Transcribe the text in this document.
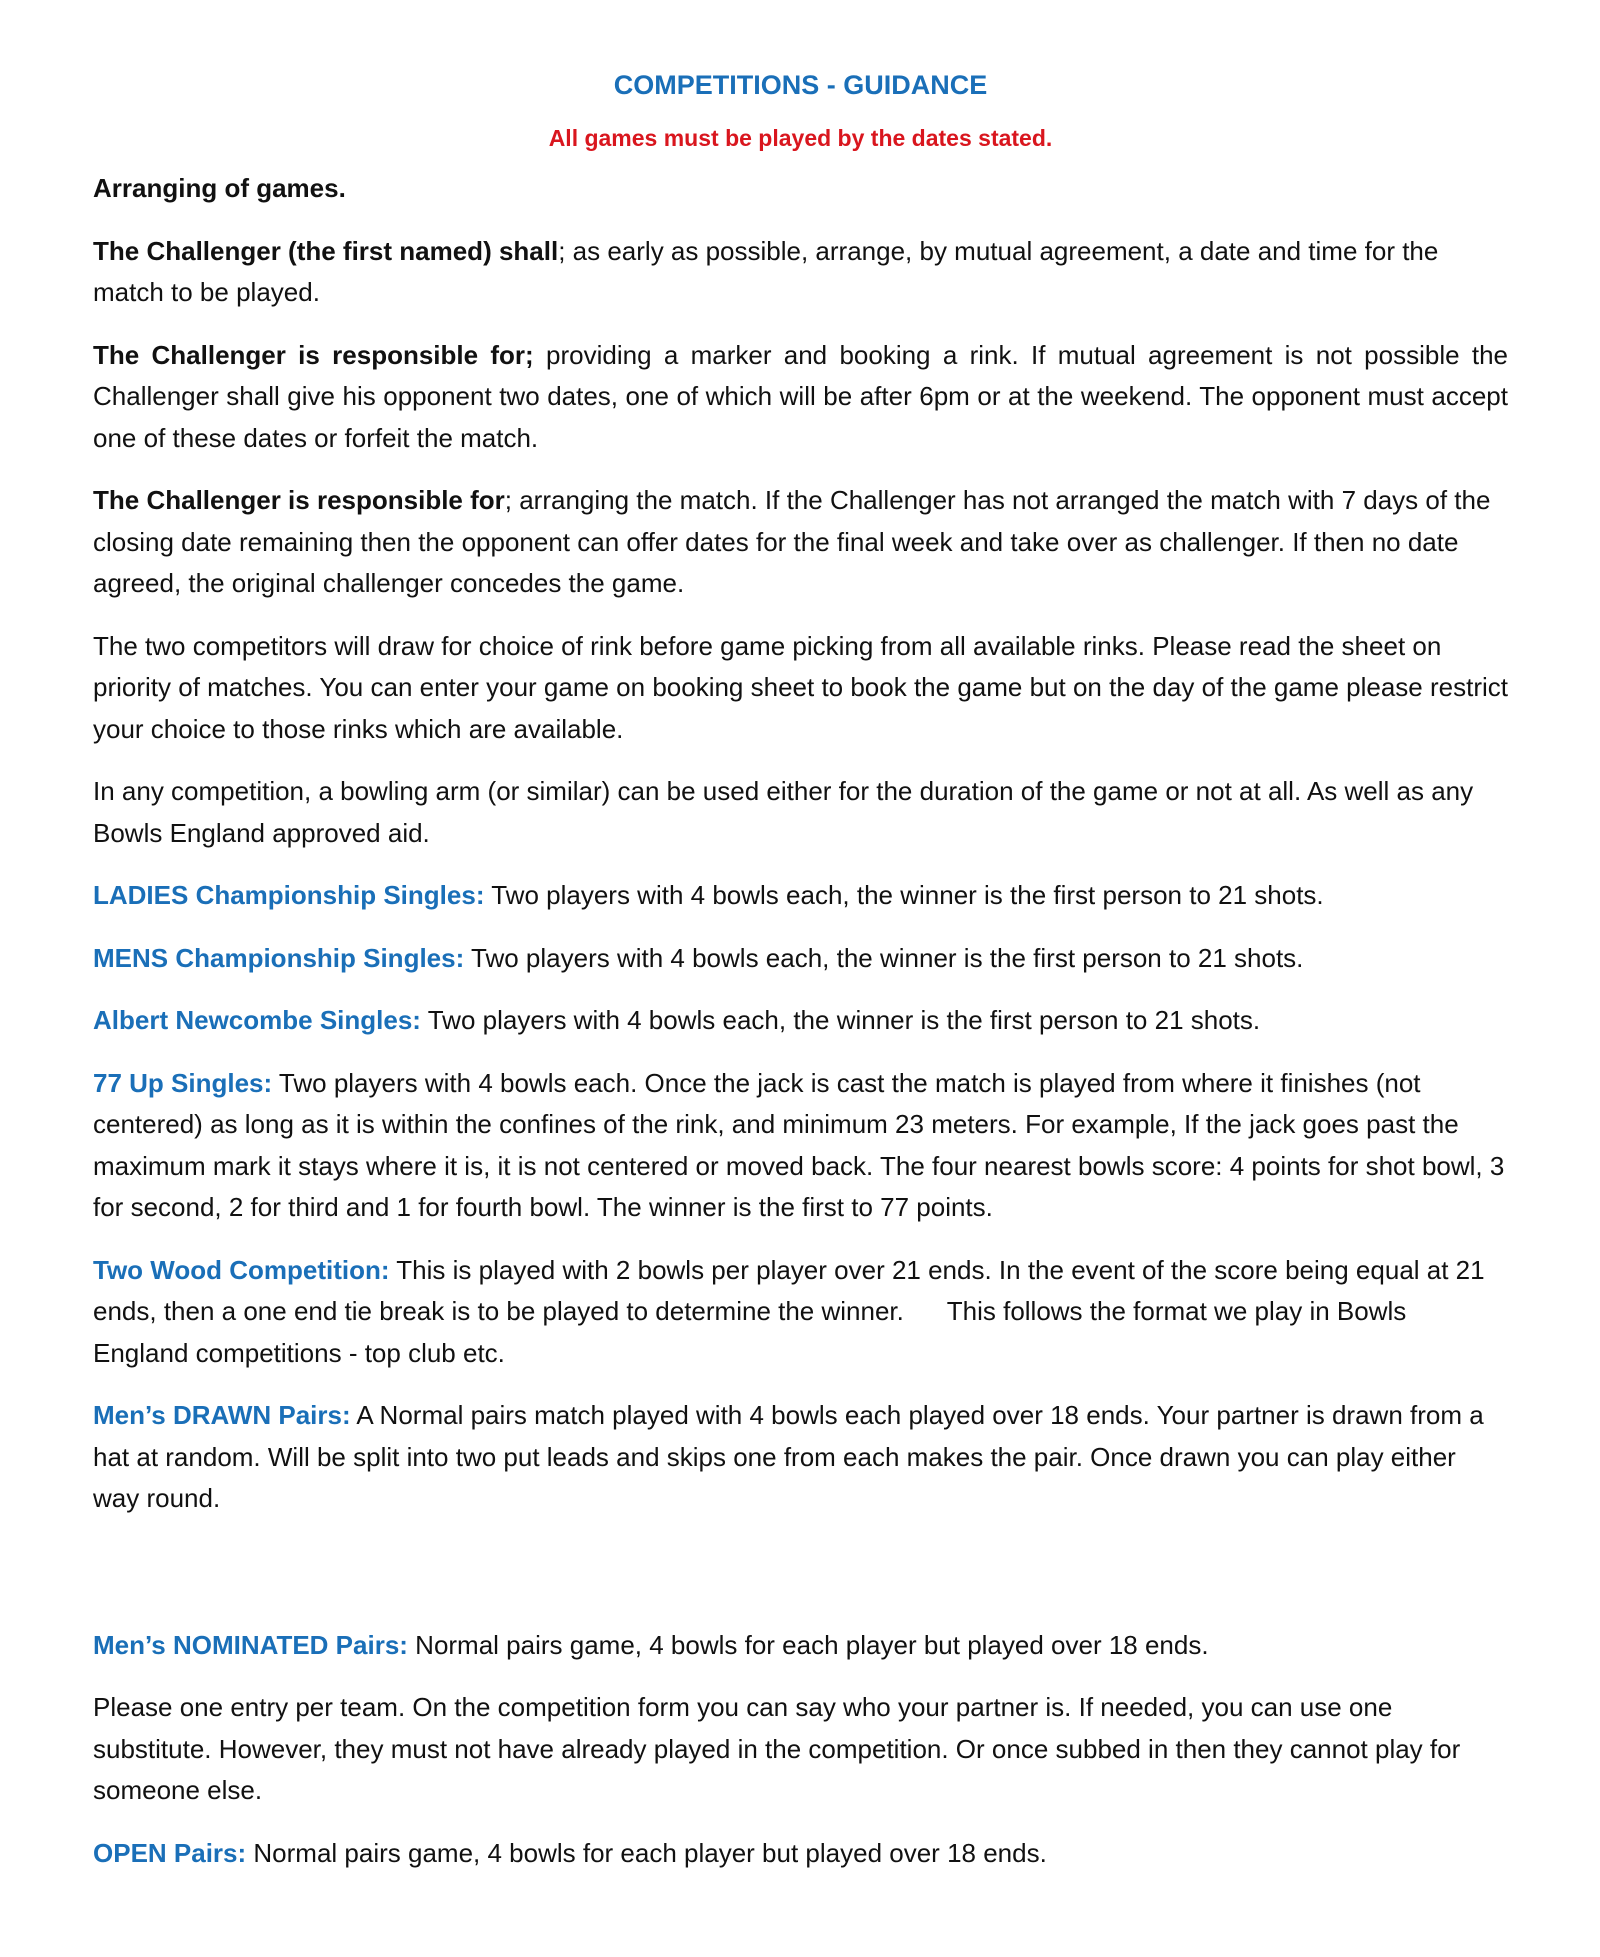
COMPETITIONS - GUIDANCE
All games must be played by the dates stated.

Arranging of games.

The Challenger (the first named) shall; as early as possible, arrange, by mutual agreement, a date and time for the match to be played.

The Challenger is responsible for; providing a marker and booking a rink. If mutual agreement is not possible the Challenger shall give his opponent two dates, one of which will be after 6pm or at the weekend. The opponent must accept one of these dates or forfeit the match.

The Challenger is responsible for; arranging the match. If the Challenger has not arranged the match with 7 days of the closing date remaining then the opponent can offer dates for the final week and take over as challenger. If then no date agreed, the original challenger concedes the game.

The two competitors will draw for choice of rink before game picking from all available rinks. Please read the sheet on priority of matches. You can enter your game on booking sheet to book the game but on the day of the game please restrict your choice to those rinks which are available.

In any competition, a bowling arm (or similar) can be used either for the duration of the game or not at all. As well as any Bowls England approved aid.

LADIES Championship Singles: Two players with 4 bowls each, the winner is the first person to 21 shots.

MENS Championship Singles: Two players with 4 bowls each, the winner is the first person to 21 shots.

Albert Newcombe Singles: Two players with 4 bowls each, the winner is the first person to 21 shots.

77 Up Singles: Two players with 4 bowls each. Once the jack is cast the match is played from where it finishes (not centered) as long as it is within the confines of the rink, and minimum 23 meters. For example, If the jack goes past the maximum mark it stays where it is, it is not centered or moved back. The four nearest bowls score: 4 points for shot bowl, 3 for second, 2 for third and 1 for fourth bowl. The winner is the first to 77 points.

Two Wood Competition: This is played with 2 bowls per player over 21 ends. In the event of the score being equal at 21 ends, then a one end tie break is to be played to determine the winner.      This follows the format we play in Bowls England competitions - top club etc.

Men’s DRAWN Pairs: A Normal pairs match played with 4 bowls each played over 18 ends. Your partner is drawn from a hat at random. Will be split into two put leads and skips one from each makes the pair. Once drawn you can play either way round.

Men’s NOMINATED Pairs: Normal pairs game, 4 bowls for each player but played over 18 ends.

Please one entry per team. On the competition form you can say who your partner is. If needed, you can use one substitute. However, they must not have already played in the competition. Or once subbed in then they cannot play for someone else.

OPEN Pairs: Normal pairs game, 4 bowls for each player but played over 18 ends.
